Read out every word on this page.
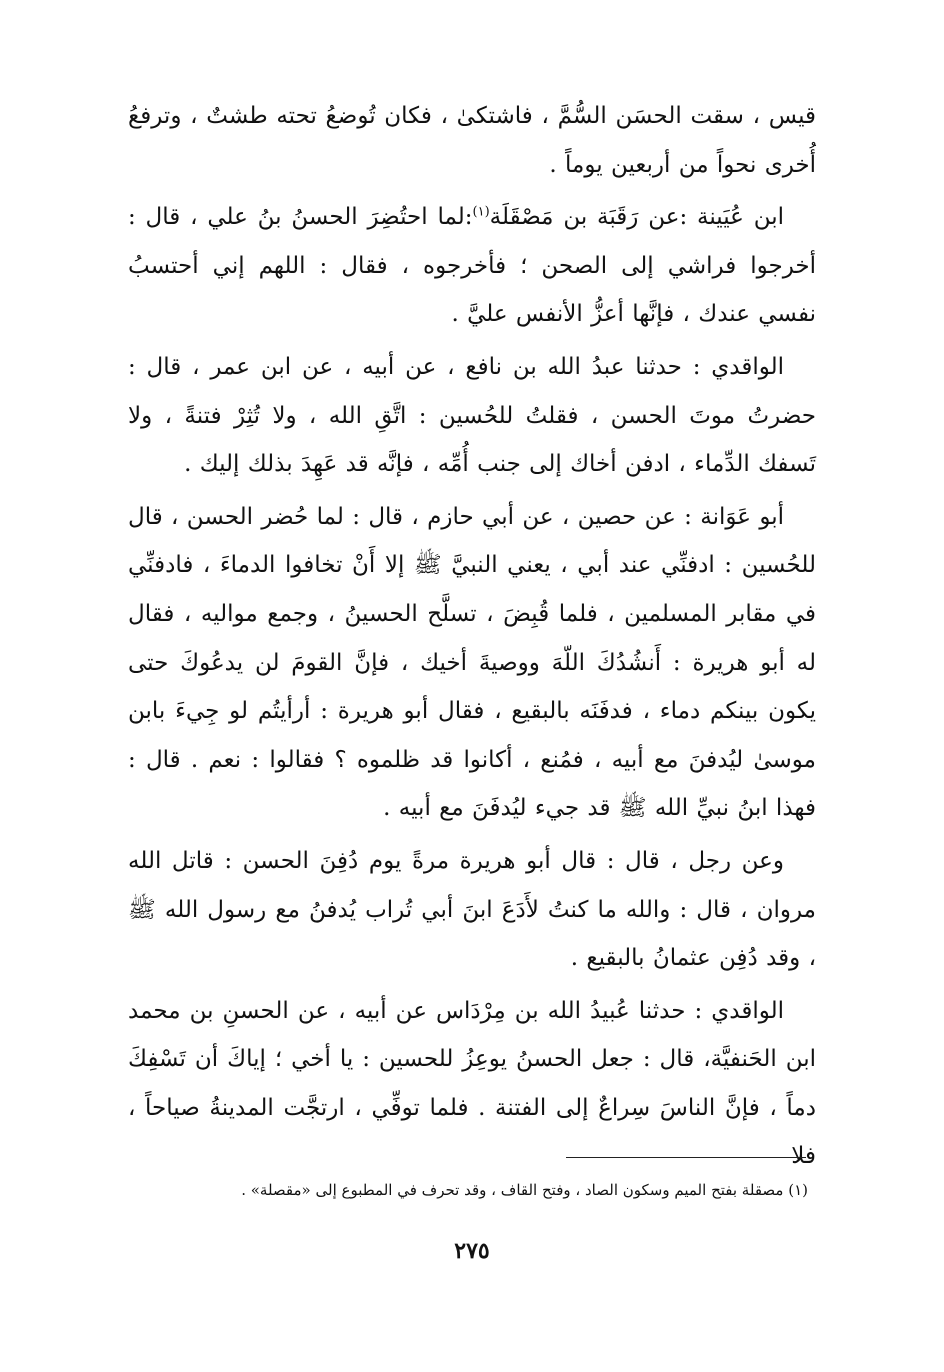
قيس ، سقت الحسَن السُّمَّ ، فاشتكىٰ ، فكان تُوضعُ تحته طشتٌ ، وترفعُ أُخرى نحواً من أربعين يوماً .

ابن عُيَينة :عن رَقَبَة بن مَصْقَلَة$^{(١)}$:لما احتُضِرَ الحسنُ بنُ علي ، قال : أخرجوا فراشي إلى الصحن ؛ فأخرجوه ، فقال : اللهم إني أحتسبُ نفسي عندك ، فإنَّها أعزُّ الأنفس عليَّ .

الواقدي : حدثنا عبدُ الله بن نافع ، عن أبيه ، عن ابن عمر ، قال : حضرتُ موتَ الحسن ، فقلتُ للحُسين : اتَّقِ الله ، ولا تُثِرْ فتنةً ، ولا تَسفك الدِّماء ، ادفن أخاك إلى جنب أُمِّه ، فإنَّه قد عَهِدَ بذلك إليك .

أبو عَوَانة : عن حصين ، عن أبي حازم ، قال : لما حُضر الحسن ، قال للحُسين : ادفنِّي عند أبي ، يعني النبيَّ ﷺ إلا أَنْ تخافوا الدماءَ ، فادفنِّي في مقابر المسلمين ، فلما قُبِضَ ، تسلَّح الحسينُ ، وجمع مواليه ، فقال له أبو هريرة : أَنشُدُكَ اللّهَ ووصيةَ أخيك ، فإنَّ القومَ لن يدعُوكَ حتى يكون بينكم دماء ، فدفَنَه بالبقيع ، فقال أبو هريرة : أرأيتُم لو جِيءَ بابن موسىٰ ليُدفنَ مع أبيه ، فمُنع ، أكانوا قد ظلموه ؟ فقالوا : نعم . قال : فهذا ابنُ نبيِّ الله ﷺ قد جيء ليُدفَنَ مع أبيه .

وعن رجل ، قال : قال أبو هريرة مرةً يوم دُفِنَ الحسن : قاتل الله مروان ، قال : والله ما كنتُ لأَدَعَ ابنَ أبي تُراب يُدفنُ مع رسول الله ﷺ ، وقد دُفِن عثمانُ بالبقيع .

الواقدي : حدثنا عُبيدُ الله بن مِرْدَاس عن أبيه ، عن الحسنِ بن محمد ابن الحَنفيَّة، قال : جعل الحسنُ يوعِزُ للحسين : يا أخي ؛ إياكَ أن تَسْفِكَ دماً ، فإنَّ الناسَ سِراعٌ إلى الفتنة . فلما توفِّي ، ارتجَّت المدينةُ صياحاً ، فلا

(١) مصقلة بفتح الميم وسكون الصاد ، وفتح القاف ، وقد تحرف في المطبوع إلى «مقصلة» .
٢٧٥
